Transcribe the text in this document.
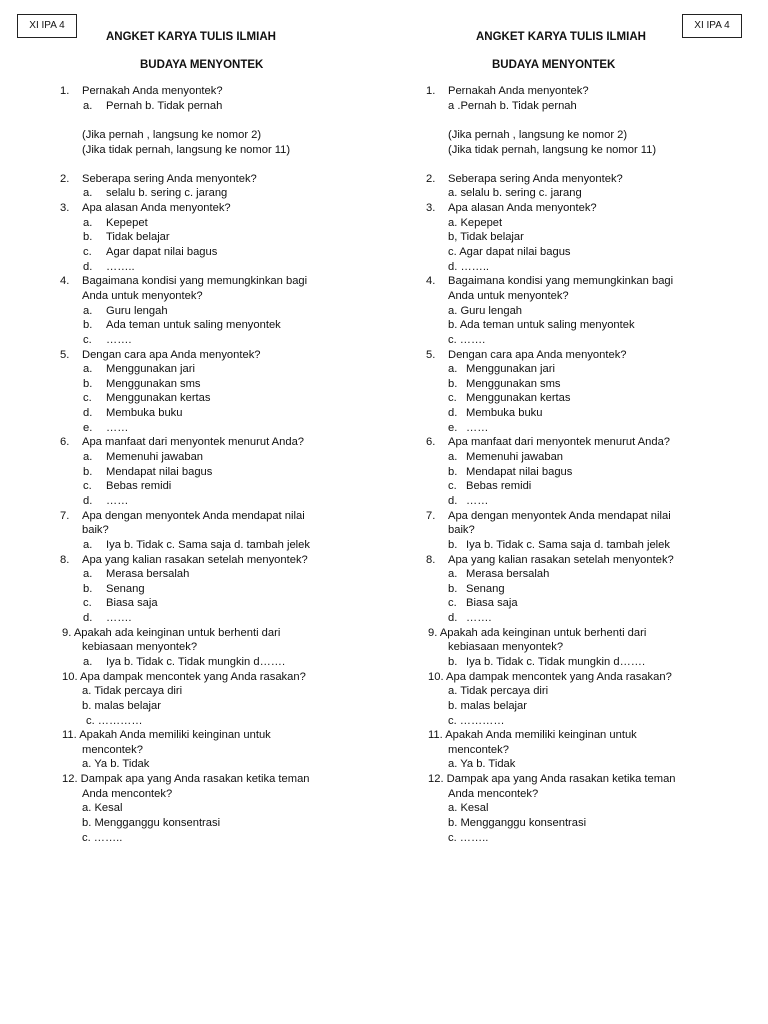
XI IPA 4
ANGKET KARYA TULIS ILMIAH
BUDAYA MENYONTEK
1. Pernakah Anda menyontek?
a. Pernah b. Tidak pernah
(Jika pernah , langsung ke nomor 2)
(Jika tidak pernah, langsung ke nomor 11)
2. Seberapa sering Anda menyontek?
a. selalu b. sering c. jarang
3. Apa alasan Anda menyontek?
a. Kepepet
b. Tidak belajar
c. Agar dapat nilai bagus
d. ……..
4. Bagaimana kondisi yang memungkinkan bagi
Anda untuk menyontek?
a. Guru lengah
b. Ada teman untuk saling menyontek
c. …….
5. Dengan cara apa Anda menyontek?
a. Menggunakan jari
b. Menggunakan sms
c. Menggunakan kertas
d. Membuka buku
e. ……
6. Apa manfaat dari menyontek menurut Anda?
a. Memenuhi jawaban
b. Mendapat nilai bagus
c. Bebas remidi
d. ……
7. Apa dengan menyontek Anda mendapat nilai
baik?
a. Iya b. Tidak c. Sama saja d. tambah jelek
8. Apa yang kalian rasakan setelah menyontek?
a. Merasa bersalah
b. Senang
c. Biasa saja
d. …….
9. Apakah ada keinginan untuk berhenti dari
kebiasaan menyontek?
a. Iya b. Tidak c. Tidak mungkin d…….
10. Apa dampak mencontek yang Anda rasakan?
a. Tidak percaya diri
b. malas belajar
c. …………
11. Apakah Anda memiliki keinginan untuk
mencontek?
a. Ya b. Tidak
12. Dampak apa yang Anda rasakan ketika teman
Anda mencontek?
a. Kesal
b. Mengganggu konsentrasi
c. ……..
XI IPA 4
ANGKET KARYA TULIS ILMIAH
BUDAYA MENYONTEK
1. Pernakah Anda menyontek?
a .Pernah b. Tidak pernah
(Jika pernah , langsung ke nomor 2)
(Jika tidak pernah, langsung ke nomor 11)
2. Seberapa sering Anda menyontek?
a. selalu b. sering c. jarang
3. Apa alasan Anda menyontek?
a. Kepepet
b, Tidak belajar
c. Agar dapat nilai bagus
d. ……..
4. Bagaimana kondisi yang memungkinkan bagi
Anda untuk menyontek?
a. Guru lengah
b. Ada teman untuk saling menyontek
c. …….
5. Dengan cara apa Anda menyontek?
a. Menggunakan jari
b. Menggunakan sms
c. Menggunakan kertas
d. Membuka buku
e. ……
6. Apa manfaat dari menyontek menurut Anda?
a. Memenuhi jawaban
b. Mendapat nilai bagus
c. Bebas remidi
d. ……
7. Apa dengan menyontek Anda mendapat nilai
baik?
b. Iya b. Tidak c. Sama saja d. tambah jelek
8. Apa yang kalian rasakan setelah menyontek?
a. Merasa bersalah
b. Senang
c. Biasa saja
d. …….
9. Apakah ada keinginan untuk berhenti dari
kebiasaan menyontek?
b. Iya b. Tidak c. Tidak mungkin d…….
10. Apa dampak mencontek yang Anda rasakan?
a. Tidak percaya diri
b. malas belajar
c. …………
11. Apakah Anda memiliki keinginan untuk
mencontek?
a. Ya b. Tidak
12. Dampak apa yang Anda rasakan ketika teman
Anda mencontek?
a. Kesal
b. Mengganggu konsentrasi
c. ……..
